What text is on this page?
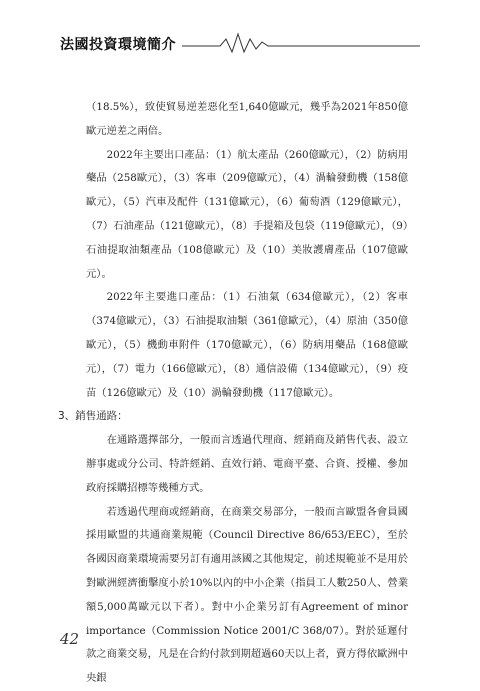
法國投資環境簡介

（18.5%），致使貿易逆差惡化至1,640億歐元，幾乎為2021年850億歐元逆差之兩倍。

2022年主要出口產品：（1）航太產品（260億歐元），（2）防病用藥品（258歐元），（3）客車（209億歐元），（4）渦輪發動機（158億歐元），（5）汽車及配件（131億歐元），（6）葡萄酒（129億歐元），（7）石油產品（121億歐元），（8）手提箱及包袋（119億歐元），（9）石油提取油類產品（108億歐元）及（10）美妝護膚產品（107億歐元）。

2022年主要進口產品：（1）石油氣（634億歐元），（2）客車（374億歐元），（3）石油提取油類（361億歐元），（4）原油（350億歐元），（5）機動車附件（170億歐元），（6）防病用藥品（168億歐元），（7）電力（166億歐元），（8）通信設備（134億歐元），（9）疫苗（126億歐元）及（10）渦輪發動機（117億歐元）。

3、銷售通路：

在通路選擇部分，一般而言透過代理商、經銷商及銷售代表、設立辦事處或分公司、特許經銷、直效行銷、電商平臺、合資、授權、參加政府採購招標等幾種方式。

若透過代理商或經銷商，在商業交易部分，一般而言歐盟各會員國採用歐盟的共通商業規範（Council Directive 86/653/EEC），至於各國因商業環境需要另訂有適用該國之其他規定，前述規範並不是用於對歐洲經濟衝擊度小於10%以內的中小企業（指員工人數250人、營業額5,000萬歐元以下者）。對中小企業另訂有Agreement of minor importance（Commission Notice 2001/C 368/07）。對於延遲付款之商業交易，凡是在合約付款到期超過60天以上者，賣方得依歐洲中央銀

42
